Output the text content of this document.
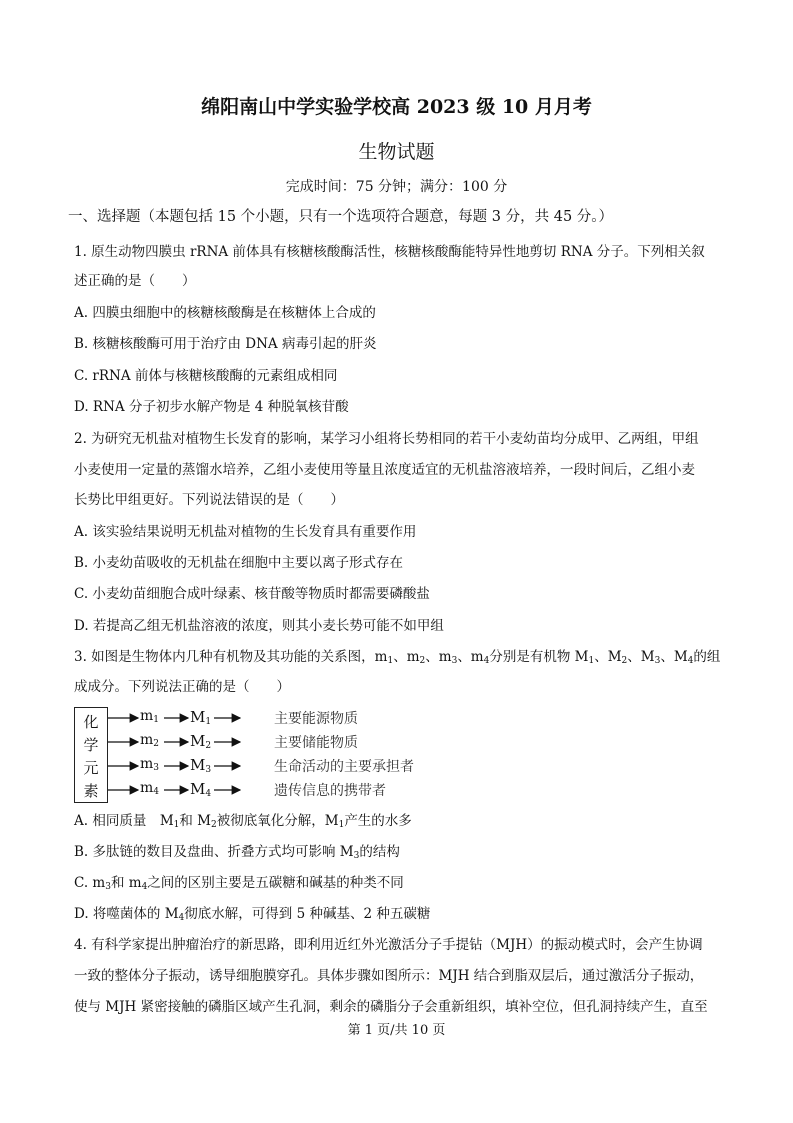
绵阳南山中学实验学校高 2023 级 10 月月考
生物试题
完成时间：75 分钟；满分：100 分
一、选择题（本题包括 15 个小题，只有一个选项符合题意，每题 3 分，共 45 分。）
1. 原生动物四膜虫 rRNA 前体具有核糖核酸酶活性，核糖核酸酶能特异性地剪切 RNA 分子。下列相关叙
述正确的是（　　）
A. 四膜虫细胞中的核糖核酸酶是在核糖体上合成的
B. 核糖核酸酶可用于治疗由 DNA 病毒引起的肝炎
C. rRNA 前体与核糖核酸酶的元素组成相同
D. RNA 分子初步水解产物是 4 种脱氧核苷酸
2. 为研究无机盐对植物生长发育的影响，某学习小组将长势相同的若干小麦幼苗均分成甲、乙两组，甲组
小麦使用一定量的蒸馏水培养，乙组小麦使用等量且浓度适宜的无机盐溶液培养，一段时间后，乙组小麦
长势比甲组更好。下列说法错误的是（　　）
A. 该实验结果说明无机盐对植物的生长发育具有重要作用
B. 小麦幼苗吸收的无机盐在细胞中主要以离子形式存在
C. 小麦幼苗细胞合成叶绿素、核苷酸等物质时都需要磷酸盐
D. 若提高乙组无机盐溶液的浓度，则其小麦长势可能不如甲组
3. 如图是生物体内几种有机物及其功能的关系图，$m_1$、$m_2$、$m_3$、$m_4$分别是有机物 $M_1$、$M_2$、$M_3$、$M_4$的组
成成分。下列说法正确的是（　　）
化
学
元
素
$m_1$ $M_1$	主要能源物质
$m_2$ $M_2$	主要储能物质
$m_3$ $M_3$	生命活动的主要承担者
$m_4$ $M_4$	遗传信息的携带者
A. 相同质量　$M_1$和 $M_2$被彻底氧化分解，$M_1$产生的水多
B. 多肽链的数目及盘曲、折叠方式均可影响 $M_3$的结构
C. $m_3$和 $m_4$之间的区别主要是五碳糖和碱基的种类不同
D. 将噬菌体的 $M_4$彻底水解，可得到 5 种碱基、2 种五碳糖
4. 有科学家提出肿瘤治疗的新思路，即利用近红外光激活分子手提钻（MJH）的振动模式时，会产生协调
一致的整体分子振动，诱导细胞膜穿孔。具体步骤如图所示：MJH 结合到脂双层后，通过激活分子振动，
使与 MJH 紧密接触的磷脂区域产生孔洞，剩余的磷脂分子会重新组织，填补空位，但孔洞持续产生，直至
第 1 页/共 10 页
